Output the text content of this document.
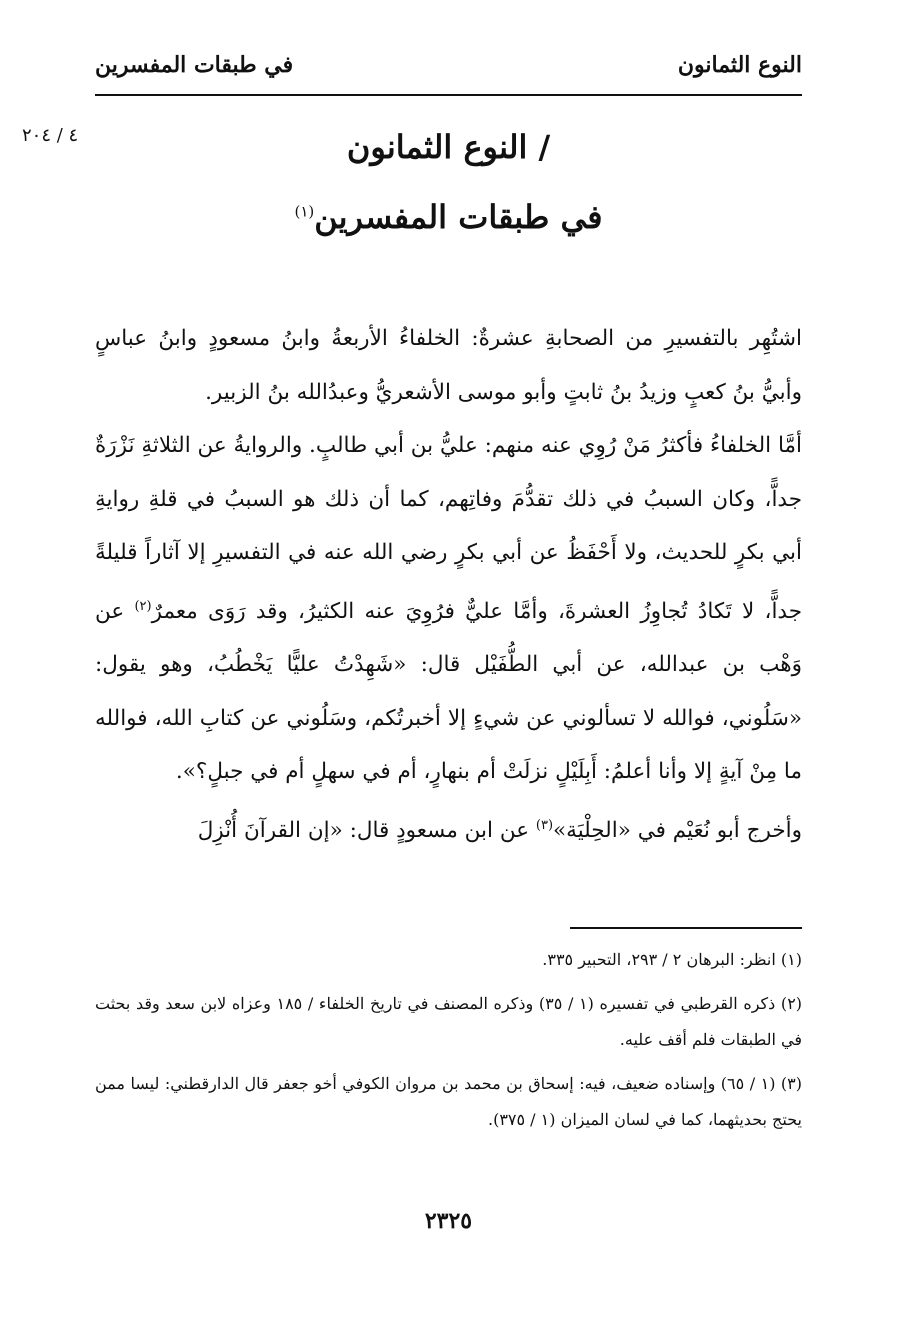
النوع الثمانون
في طبقات المفسرين
٤ / ٢٠٤	/ النوع الثمانون
في طبقات المفسرين$^{(١)}$

اشتُهِر بالتفسيرِ من الصحابةِ عشرةٌ: الخلفاءُ الأربعةُ وابنُ مسعودٍ وابنُ عباسٍ وأبيُّ بنُ كعبٍ وزيدُ بنُ ثابتٍ وأبو موسى الأشعريُّ وعبدُالله بنُ الزبير.

أمَّا الخلفاءُ فأكثرُ مَنْ رُوِي عنه منهم: عليُّ بن أبي طالبٍ. والروايةُ عن الثلاثةِ نَزْرَةٌ جداًّ، وكان السببُ في ذلك تقدُّمَ وفاتِهم، كما أن ذلك هو السببُ في قلةِ روايةِ أبي بكرٍ للحديث، ولا أَحْفَظُ عن أبي بكرٍ رضي الله عنه في التفسيرِ إلا آثاراً قليلةً جداًّ، لا تَكادُ تُجاوِزُ العشرةَ، وأمَّا عليٌّ فرُوِيَ عنه الكثيرُ، وقد رَوَى معمرٌ$^{(٢)}$ عن وَهْب بن عبدالله، عن أبي الطُّفَيْل قال: «شَهِدْتُ عليًّا يَخْطُبُ، وهو يقول: «سَلُوني، فوالله لا تسألوني عن شيءٍ إلا أخبرتُكم، وسَلُوني عن كتابِ الله، فوالله ما مِنْ آيةٍ إلا وأنا أعلمُ: أَبِلَيْلٍ نزلَتْ أم بنهارٍ، أم في سهلٍ أم في جبلٍ؟».

وأخرج أبو نُعَيْم في «الحِلْيَة»$^{(٣)}$ عن ابن مسعودٍ قال: «إن القرآنَ أُنْزِلَ

(١) انظر: البرهان ٢ / ٢٩٣، التحبير ٣٣٥.

(٢) ذكره القرطبي في تفسيره (١ / ٣٥) وذكره المصنف في تاريخ الخلفاء / ١٨٥ وعزاه لابن سعد وقد بحثت في الطبقات فلم أقف عليه.

(٣) (١ / ٦٥) وإسناده ضعيف، فيه: إسحاق بن محمد بن مروان الكوفي أخو جعفر قال الدارقطني: ليسا ممن يحتج بحديثهما، كما في لسان الميزان (١ / ٣٧٥).

٢٣٢٥
